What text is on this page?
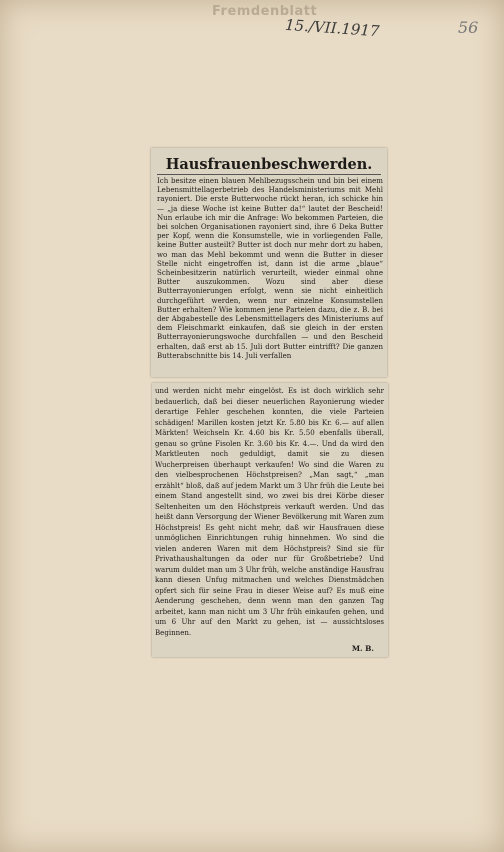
Fremdenblatt
15./VII.1917	56
Hausfrauenbeschwerden.
Ich besitze einen blauen Mehlbezugsschein und bin bei einem Lebensmittellagerbetrieb des Handelsministeriums mit Mehl rayoniert. Die erste Butterwoche rückt heran, ich schicke hin — „ja diese Woche ist keine Butter da!“ lautet der Bescheid! Nun erlaube ich mir die Anfrage: Wo bekommen Parteien, die bei solchen Organisationen rayoniert sind, ihre 6 Deka Butter per Kopf, wenn die Konsumstelle, wie in vorliegenden Falle, keine Butter austeilt? Butter ist doch nur mehr dort zu haben, wo man das Mehl bekommt und wenn die Butter in dieser Stelle nicht eingetroffen ist, dann ist die arme „blaue“ Scheinbesitzerin natürlich verurteilt, wieder einmal ohne Butter auszukommen. Wozu sind aber diese Butterrayonierungen erfolgt, wenn sie nicht einheitlich durchgeführt werden, wenn nur einzelne Konsumstellen Butter erhalten? Wie kommen jene Parteien dazu, die z. B. bei der Abgabestelle des Lebensmittellagers des Ministeriums auf dem Fleischmarkt einkaufen, daß sie gleich in der ersten Butterrayonierungswoche durchfallen — und den Bescheid erhalten, daß erst ab 15. Juli dort Butter eintrifft? Die ganzen Butterabschnitte bis 14. Juli verfallen
und werden nicht mehr eingelöst. Es ist doch wirklich sehr bedauerlich, daß bei dieser neuerlichen Rayonierung wieder derartige Fehler geschehen konnten, die viele Parteien schädigen! Marillen kosten jetzt Kr. 5.80 bis Kr. 6.— auf allen Märkten! Weichseln Kr. 4.60 bis Kr. 5.50 ebenfalls überall, genau so grüne Fisolen Kr. 3.60 bis Kr. 4.—. Und da wird den Marktleuten noch geduldigt, damit sie zu diesen Wucherpreisen überhaupt verkaufen! Wo sind die Waren zu den vielbesprochenen Höchstpreisen? „Man sagt,“ „man erzählt“ bloß, daß auf jedem Markt um 3 Uhr früh die Leute bei einem Stand angestellt sind, wo zwei bis drei Körbe dieser Seltenheiten um den Höchstpreis verkauft werden. Und das heißt dann Versorgung der Wiener Bevölkerung mit Waren zum Höchstpreis! Es geht nicht mehr, daß wir Hausfrauen diese unmöglichen Einrichtungen ruhig hinnehmen. Wo sind die vielen anderen Waren mit dem Höchstpreis? Sind sie für Privathaushaltungen da oder nur für Großbetriebe? Und warum duldet man um 3 Uhr früh, welche anständige Hausfrau kann diesen Unfug mitmachen und welches Dienstmädchen opfert sich für seine Frau in dieser Weise auf? Es muß eine Aenderung geschehen, denn wenn man den ganzen Tag arbeitet, kann man nicht um 3 Uhr früh einkaufen gehen, und um 6 Uhr auf den Markt zu gehen, ist — aussichtsloses Beginnen.
M. B.
